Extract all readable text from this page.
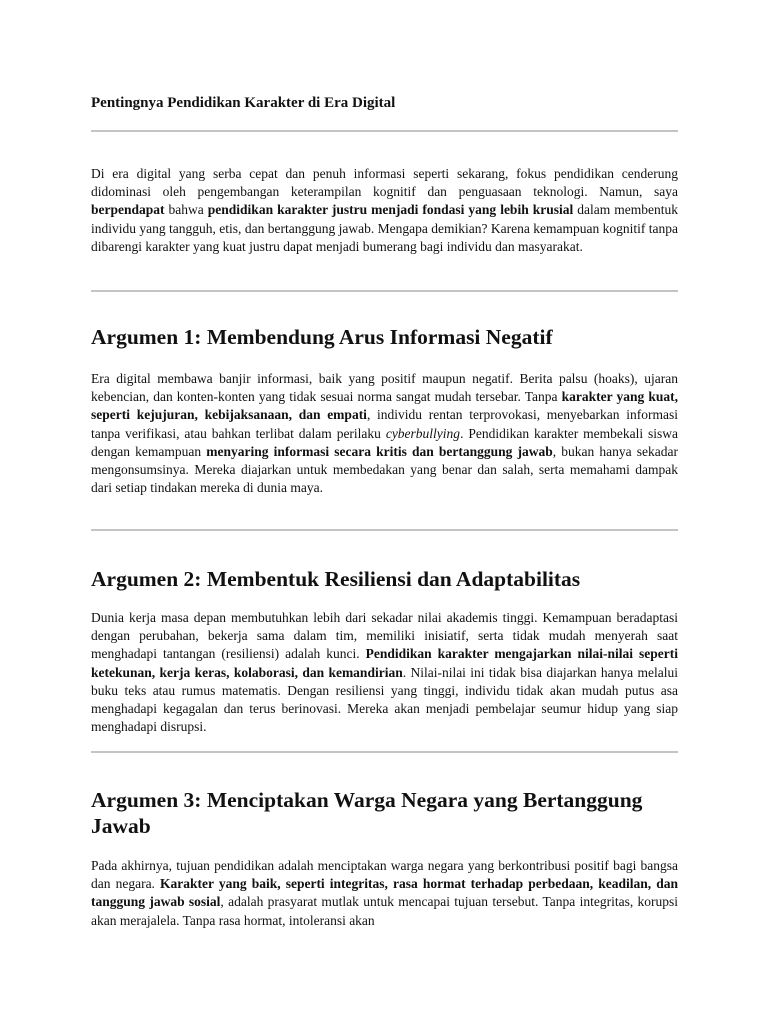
Pentingnya Pendidikan Karakter di Era Digital

Di era digital yang serba cepat dan penuh informasi seperti sekarang, fokus pendidikan cenderung didominasi oleh pengembangan keterampilan kognitif dan penguasaan teknologi. Namun, saya berpendapat bahwa pendidikan karakter justru menjadi fondasi yang lebih krusial dalam membentuk individu yang tangguh, etis, dan bertanggung jawab. Mengapa demikian? Karena kemampuan kognitif tanpa dibarengi karakter yang kuat justru dapat menjadi bumerang bagi individu dan masyarakat.

Argumen 1: Membendung Arus Informasi Negatif

Era digital membawa banjir informasi, baik yang positif maupun negatif. Berita palsu (hoaks), ujaran kebencian, dan konten-konten yang tidak sesuai norma sangat mudah tersebar. Tanpa karakter yang kuat, seperti kejujuran, kebijaksanaan, dan empati, individu rentan terprovokasi, menyebarkan informasi tanpa verifikasi, atau bahkan terlibat dalam perilaku cyberbullying. Pendidikan karakter membekali siswa dengan kemampuan menyaring informasi secara kritis dan bertanggung jawab, bukan hanya sekadar mengonsumsinya. Mereka diajarkan untuk membedakan yang benar dan salah, serta memahami dampak dari setiap tindakan mereka di dunia maya.

Argumen 2: Membentuk Resiliensi dan Adaptabilitas

Dunia kerja masa depan membutuhkan lebih dari sekadar nilai akademis tinggi. Kemampuan beradaptasi dengan perubahan, bekerja sama dalam tim, memiliki inisiatif, serta tidak mudah menyerah saat menghadapi tantangan (resiliensi) adalah kunci. Pendidikan karakter mengajarkan nilai-nilai seperti ketekunan, kerja keras, kolaborasi, dan kemandirian. Nilai-nilai ini tidak bisa diajarkan hanya melalui buku teks atau rumus matematis. Dengan resiliensi yang tinggi, individu tidak akan mudah putus asa menghadapi kegagalan dan terus berinovasi. Mereka akan menjadi pembelajar seumur hidup yang siap menghadapi disrupsi.

Argumen 3: Menciptakan Warga Negara yang Bertanggung Jawab

Pada akhirnya, tujuan pendidikan adalah menciptakan warga negara yang berkontribusi positif bagi bangsa dan negara. Karakter yang baik, seperti integritas, rasa hormat terhadap perbedaan, keadilan, dan tanggung jawab sosial, adalah prasyarat mutlak untuk mencapai tujuan tersebut. Tanpa integritas, korupsi akan merajalela. Tanpa rasa hormat, intoleransi akan
